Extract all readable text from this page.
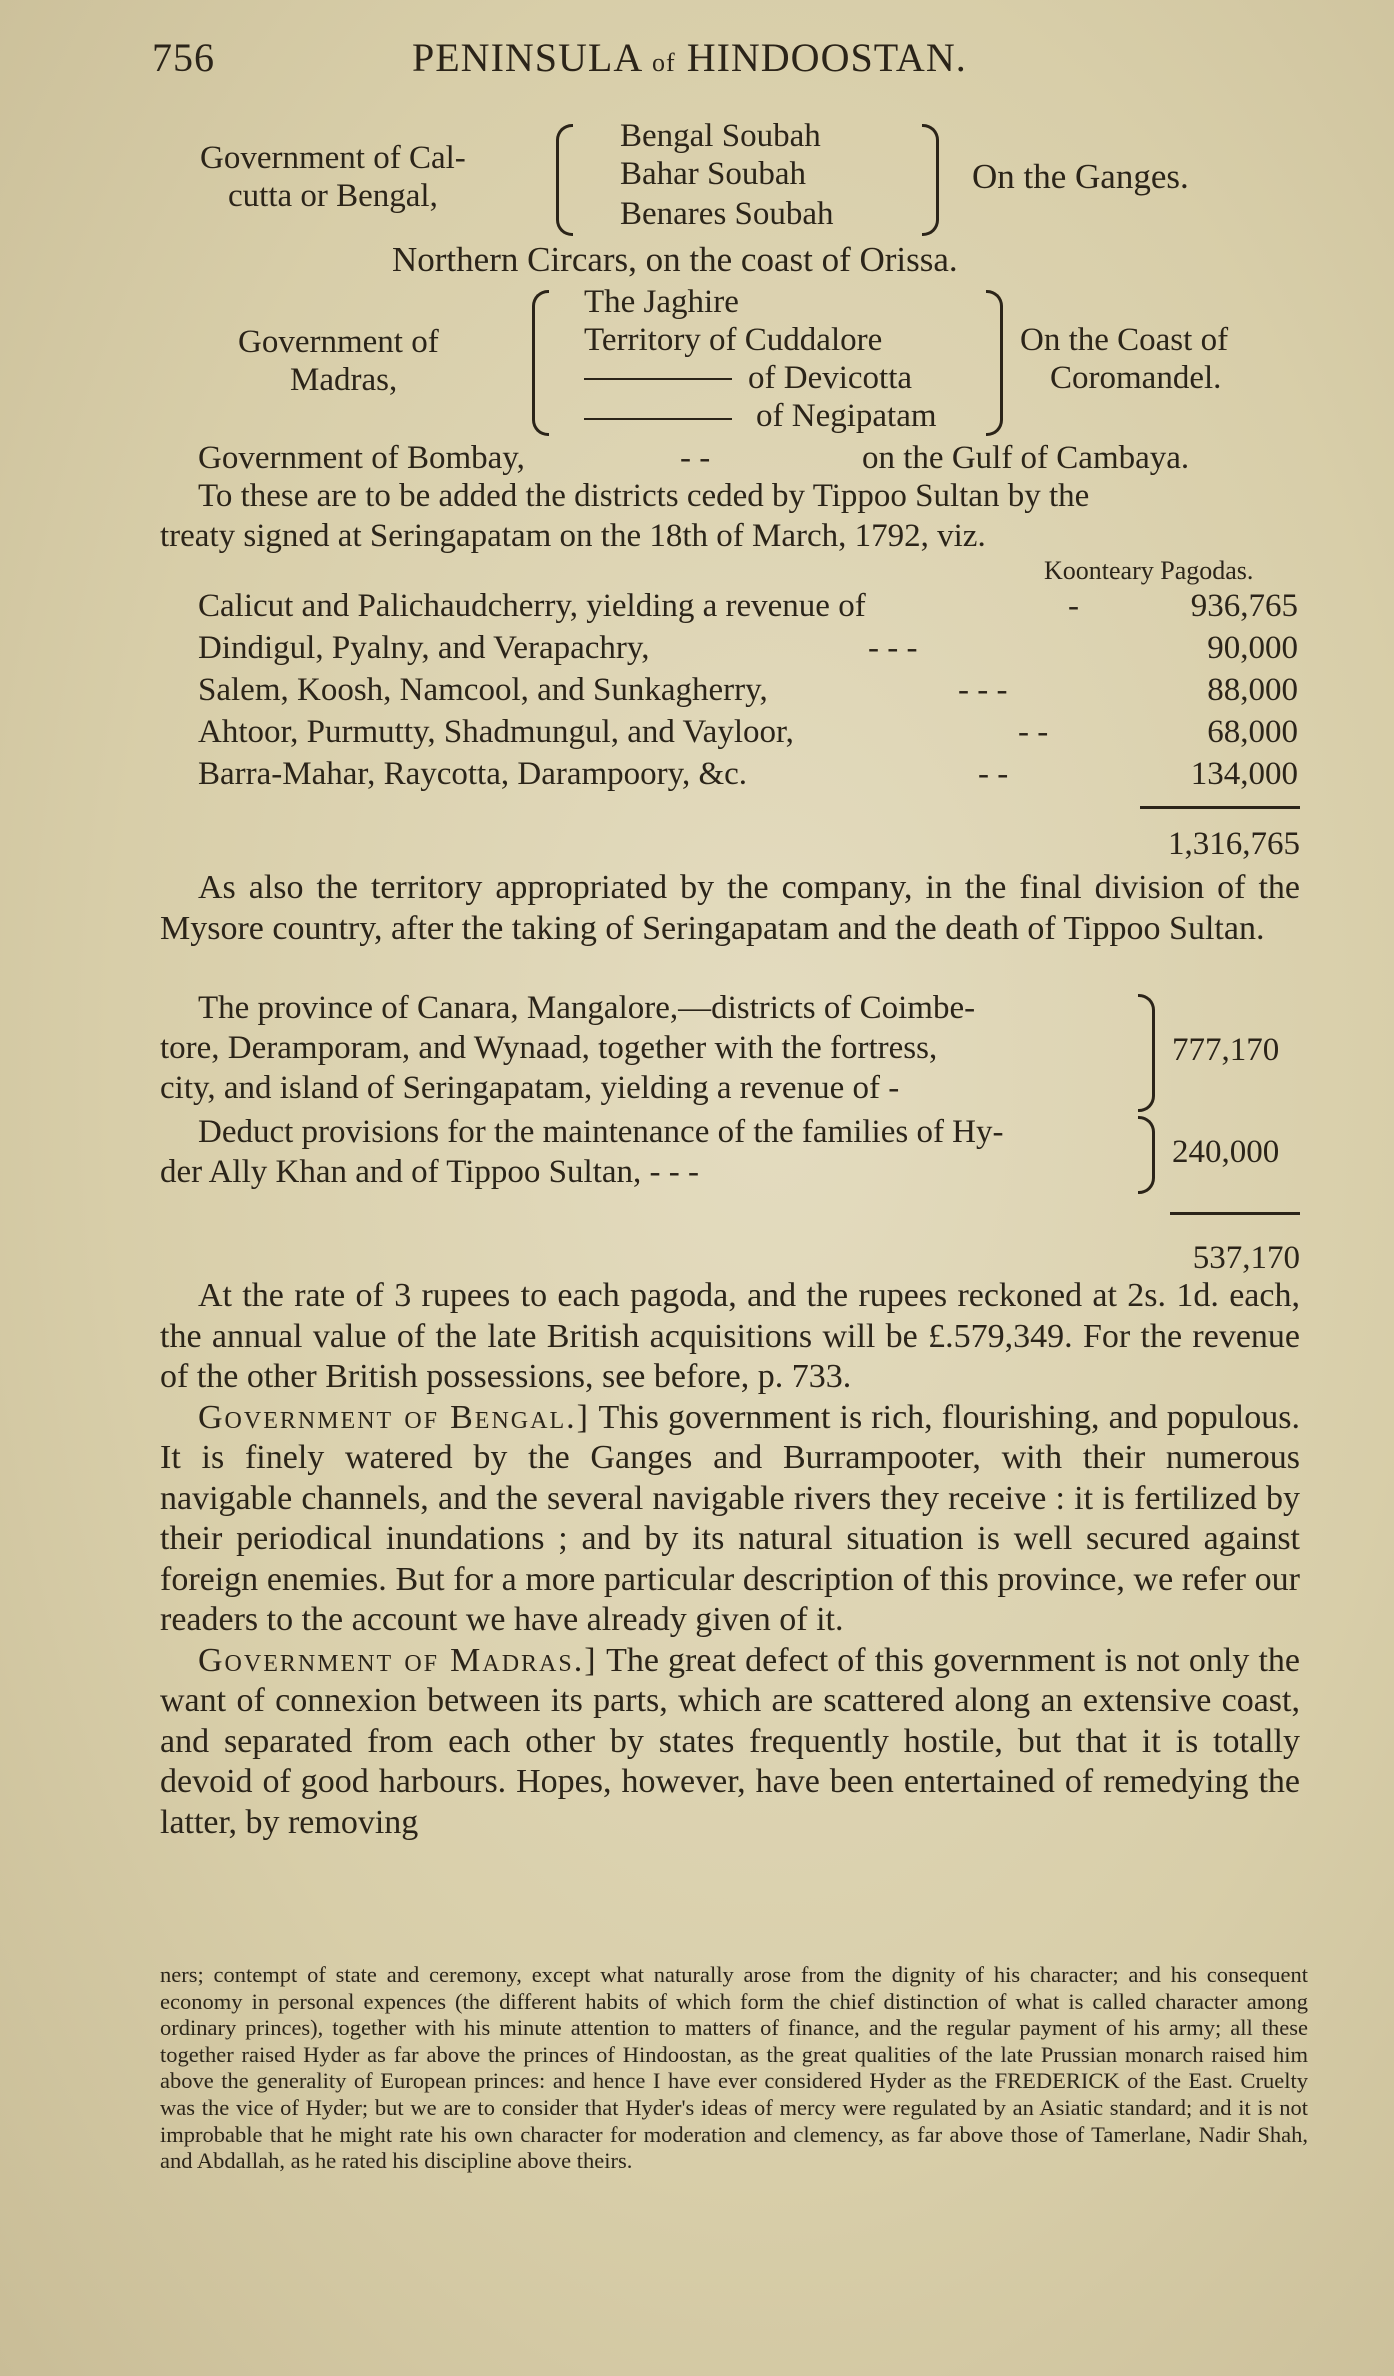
756	PENINSULA of HINDOOSTAN.
Government of Cal-
cutta or Bengal,
Bengal Soubah
Bahar Soubah
Benares Soubah
On the Ganges.
Northern Circars, on the coast of Orissa.
Government of
Madras,
The Jaghire
Territory of Cuddalore
of Devicotta
of Negipatam
On the Coast of
Coromandel.
Government of Bombay,	- -	on the Gulf of Cambaya.
To these are to be added the districts ceded by Tippoo Sultan by the
treaty signed at Seringapatam on the 18th of March, 1792, viz.
Koonteary Pagodas.
Calicut and Palichaudcherry, yielding a revenue of	-	936,765
Dindigul, Pyalny, and Verapachry,	- - -	90,000
Salem, Koosh, Namcool, and Sunkagherry,	- - -	88,000
Ahtoor, Purmutty, Shadmungul, and Vayloor,	- -	68,000
Barra-Mahar, Raycotta, Darampoory, &c.	- -	134,000
1,316,765

As also the territory appropriated by the company, in the final division of the Mysore country, after the taking of Seringapatam and the death of Tippoo Sultan.

The province of Canara, Mangalore,—districts of Coimbe-
tore, Deramporam, and Wynaad, together with the fortress,
city, and island of Seringapatam, yielding a revenue of -
777,170
Deduct provisions for the maintenance of the families of Hy-
der Ally Khan and of Tippoo Sultan, - - -
240,000
537,170

At the rate of 3 rupees to each pagoda, and the rupees reckoned at 2s. 1d. each, the annual value of the late British acquisitions will be £.579,349. For the revenue of the other British possessions, see before, p. 733.

Government of Bengal.] This government is rich, flourishing, and populous. It is finely watered by the Ganges and Burrampooter, with their numerous navigable channels, and the several navigable rivers they receive : it is fertilized by their periodical inundations ; and by its natural situation is well secured against foreign enemies. But for a more particular description of this province, we refer our readers to the account we have already given of it.

Government of Madras.] The great defect of this government is not only the want of connexion between its parts, which are scattered along an extensive coast, and separated from each other by states frequently hostile, but that it is totally devoid of good harbours. Hopes, however, have been entertained of remedying the latter, by removing

ners; contempt of state and ceremony, except what naturally arose from the dignity of his character; and his consequent economy in personal expences (the different habits of which form the chief distinction of what is called character among ordinary princes), together with his minute attention to matters of finance, and the regular payment of his army; all these together raised Hyder as far above the princes of Hindoostan, as the great qualities of the late Prussian monarch raised him above the generality of European princes: and hence I have ever considered Hyder as the FREDERICK of the East. Cruelty was the vice of Hyder; but we are to consider that Hyder's ideas of mercy were regulated by an Asiatic standard; and it is not improbable that he might rate his own character for moderation and clemency, as far above those of Tamerlane, Nadir Shah, and Abdallah, as he rated his discipline above theirs.
